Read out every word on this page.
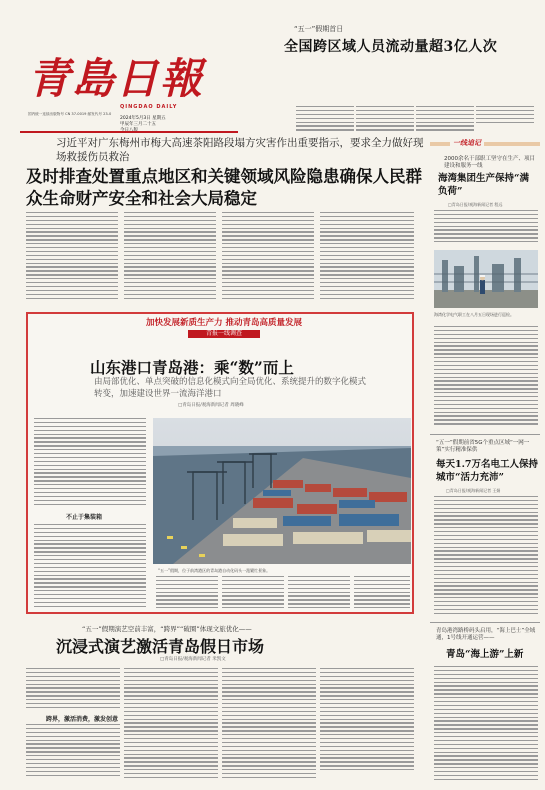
青島日報
QINGDAO DAILY
国内统一连续出版物号 CN 37-0019 邮发代号 23-0
2024年5月3日 星期五
甲辰年三月二十五
“五一”假期首日
全国跨区域人员流动量超3亿人次
习近平对广东梅州市梅大高速茶阳路段塌方灾害作出重要指示，要求全力做好现场救援伤员救治
及时排查处置重点地区和关键领域风险隐患确保人民群众生命财产安全和社会大局稳定
加快发展新质生产力 推动青岛高质量发展
青报一线调查
山东港口青岛港：乘“数”而上
由局部优化、单点突破的信息化模式向全局优化、系统提升的数字化模式转变，加速建设世界一流海洋港口
□青岛日报/观海新闻记者 周晓峰
不止于集装箱
“五一”假期，位于前湾港区的青岛港自动化码头一派繁忙景象。
“五一”假期演艺空前丰富，“跨界”“破圈”体现文旅优化——
沉浸式演艺激活青岛假日市场
□青岛日报/观海新闻记者 米凯文
跨界，激活消费，激发创意
一线追记
2000余名干部职工坚守在生产、项目建设和服务一线
海湾集团生产保持“满负荷”
□青岛日报/观海新闻记者 程远
海湾化学电气职工在八月五日现场进行巡检。
“五一”假期前省5G个重点区域“一网一策”实行精准保供
每天1.7万名电工人保持城市“活力充沛”
□青岛日报/观海新闻记者 王娟
青岛港湾路桥码头启用，“海上巴士”全域通，1号线开通运营——
青岛“海上游”上新
